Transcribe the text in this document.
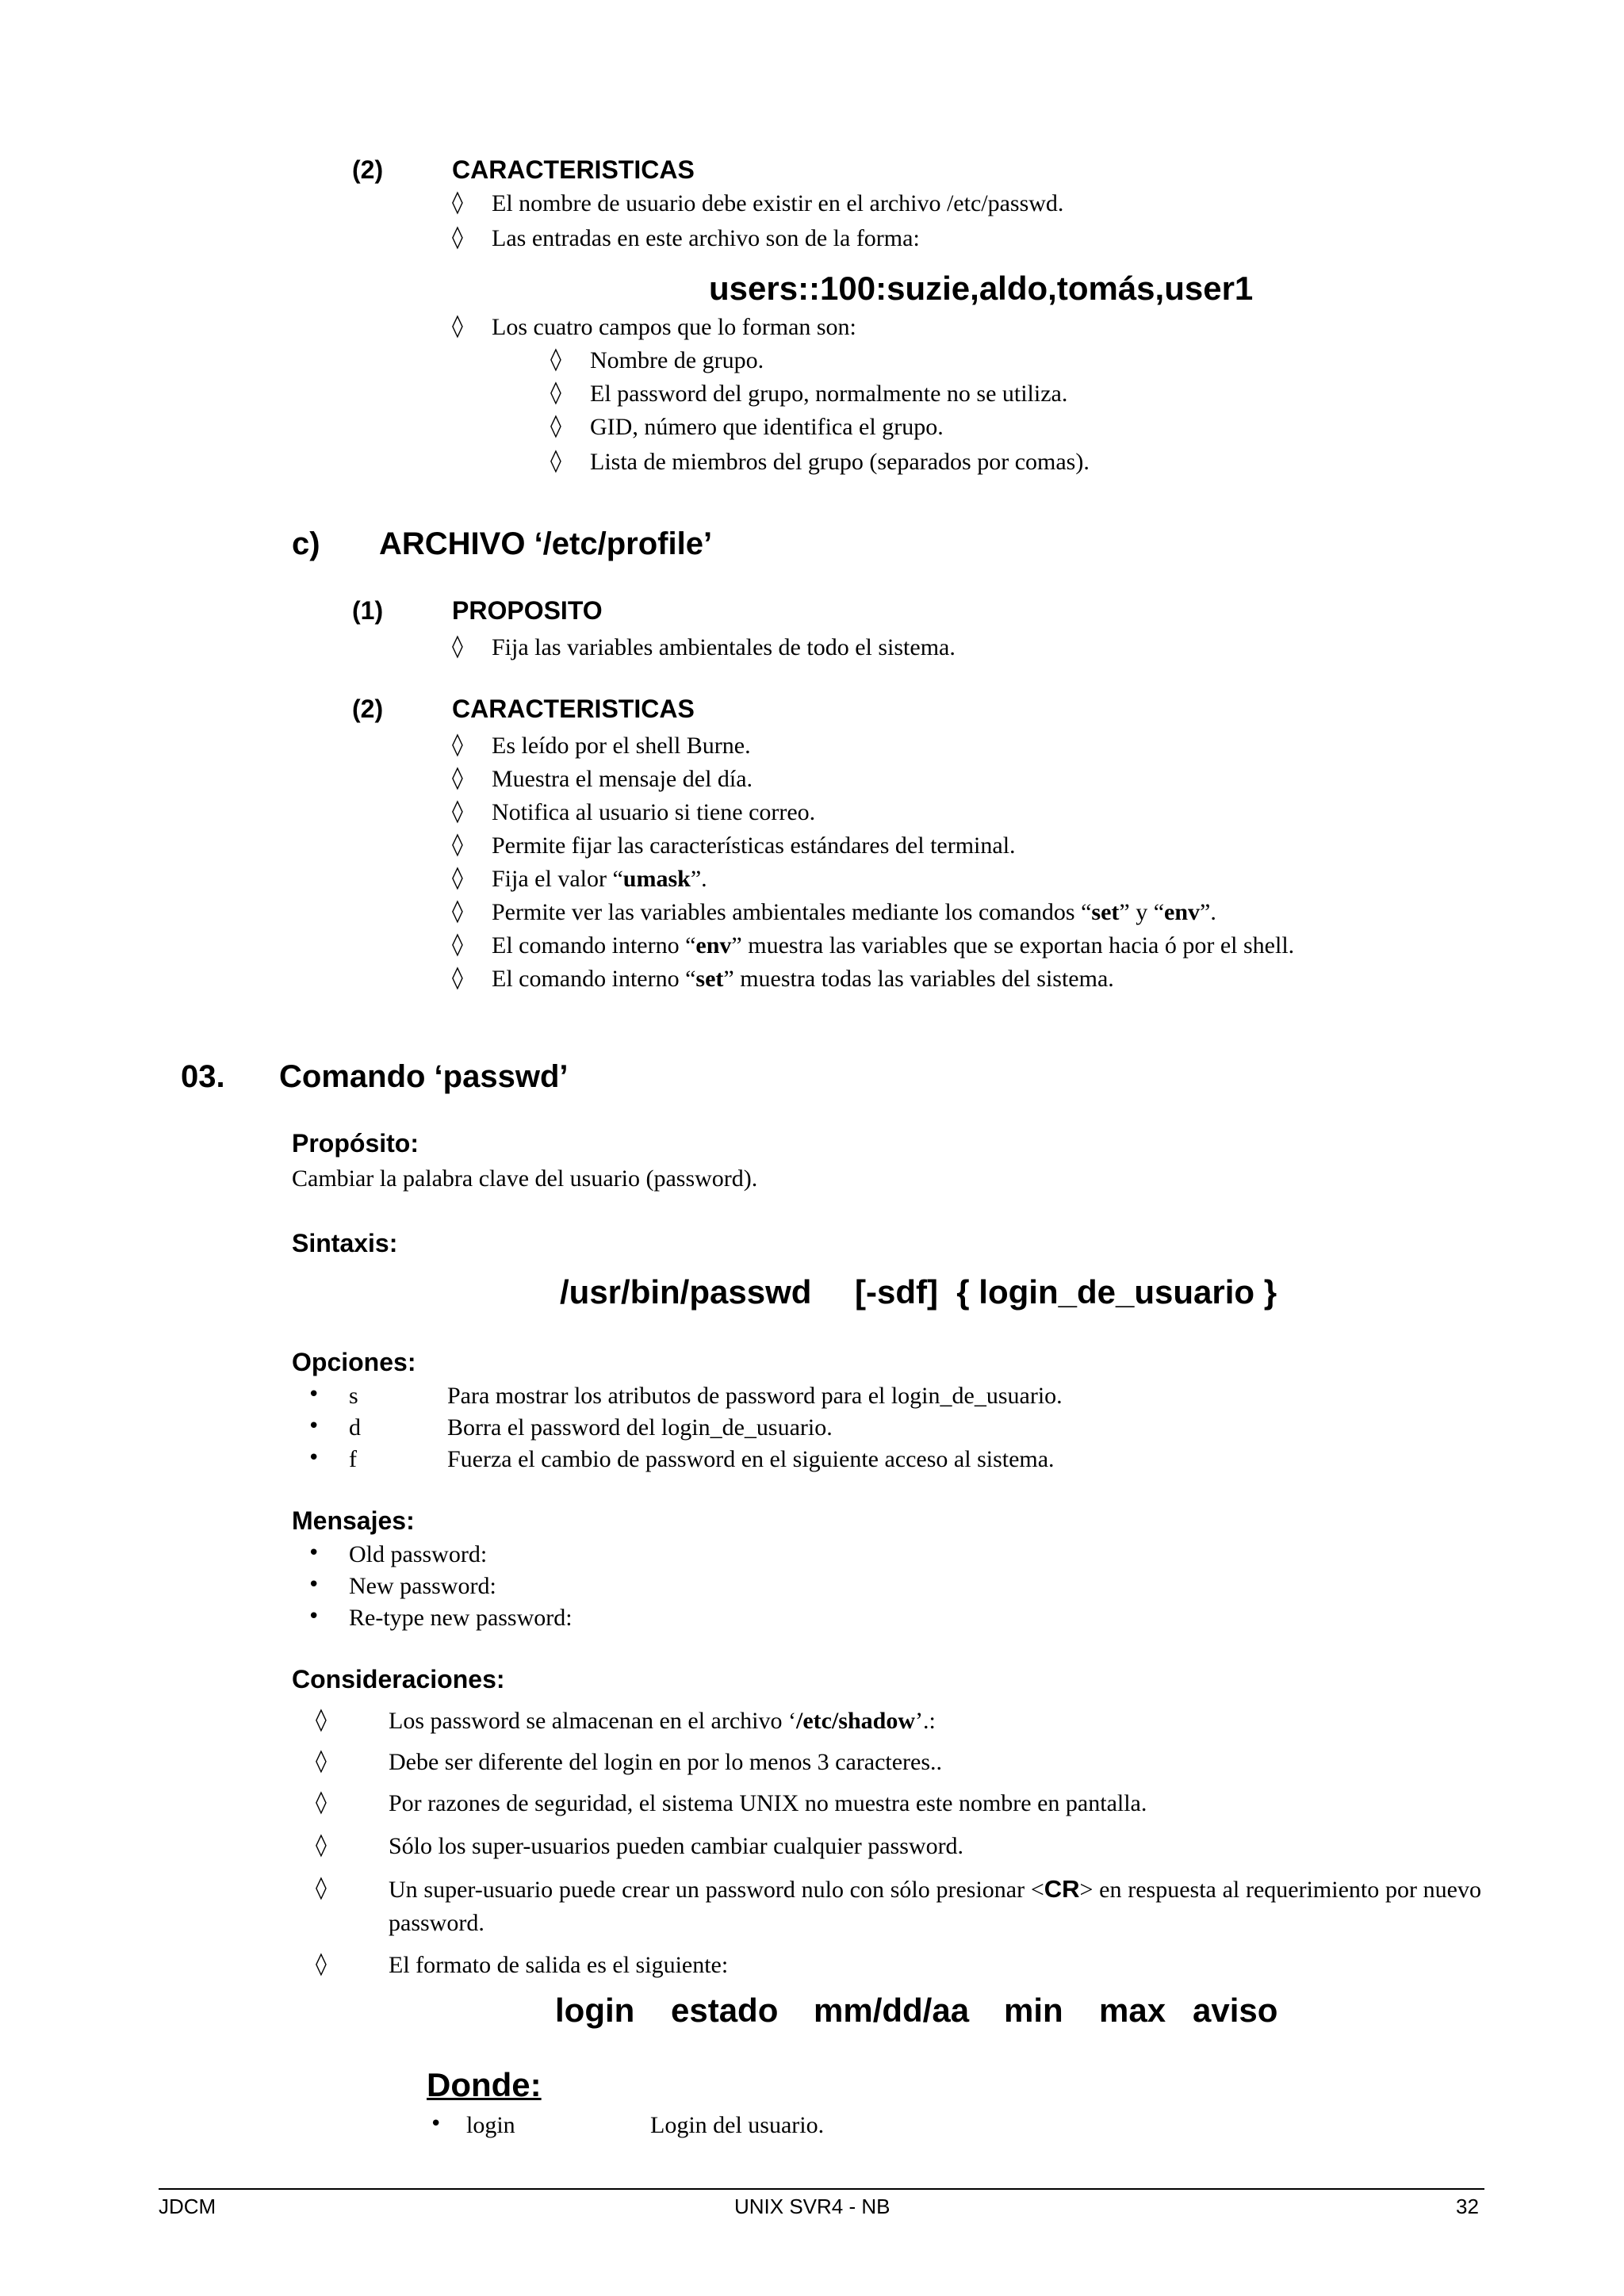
(2)	CARACTERISTICAS
◊ El nombre de usuario debe existir en el archivo /etc/passwd.
◊ Las entradas en este archivo son de la forma:
users::100:suzie,aldo,tomás,user1
◊ Los cuatro campos que lo forman son:
◊ Nombre de grupo.
◊ El password del grupo, normalmente no se utiliza.
◊ GID, número que identifica el grupo.
◊ Lista de miembros del grupo (separados por comas).
c) ARCHIVO ‘/etc/profile’
(1)	PROPOSITO
◊ Fija las variables ambientales de todo el sistema.
(2)	CARACTERISTICAS
◊ Es leído por el shell Burne.
◊ Muestra el mensaje del día.
◊ Notifica al usuario si tiene correo.
◊ Permite fijar las características estándares del terminal.
◊ Fija el valor “umask”.
◊ Permite ver las variables ambientales mediante los comandos “set” y “env”.
◊ El comando interno “env” muestra las variables que se exportan hacia ó por el shell.
◊ El comando interno “set” muestra todas las variables del sistema.
03. Comando ‘passwd’
Propósito:
Cambiar la palabra clave del usuario (password).
Sintaxis:
/usr/bin/passwd [-sdf]  { login_de_usuario }
Opciones:
• s	Para mostrar los atributos de password para el login_de_usuario.
• d	Borra el password del login_de_usuario.
• f	Fuerza el cambio de password en el siguiente acceso al sistema.
Mensajes:
• Old password:
• New password:
• Re-type new password:
Consideraciones:
◊	Los password se almacenan en el archivo ‘/etc/shadow’.:
◊	Debe ser diferente del login en por lo menos 3 caracteres..
◊	Por razones de seguridad, el sistema UNIX no muestra este nombre en pantalla.
◊	Sólo los super-usuarios pueden cambiar cualquier password.
◊	Un super-usuario puede crear un password nulo con sólo presionar <CR> en respuesta al requerimiento por nuevo password.
◊	El formato de salida es el siguiente:
login estado mm/dd/aa min max aviso
Donde:
• login	Login del usuario.
JDCM	UNIX SVR4 - NB	32
